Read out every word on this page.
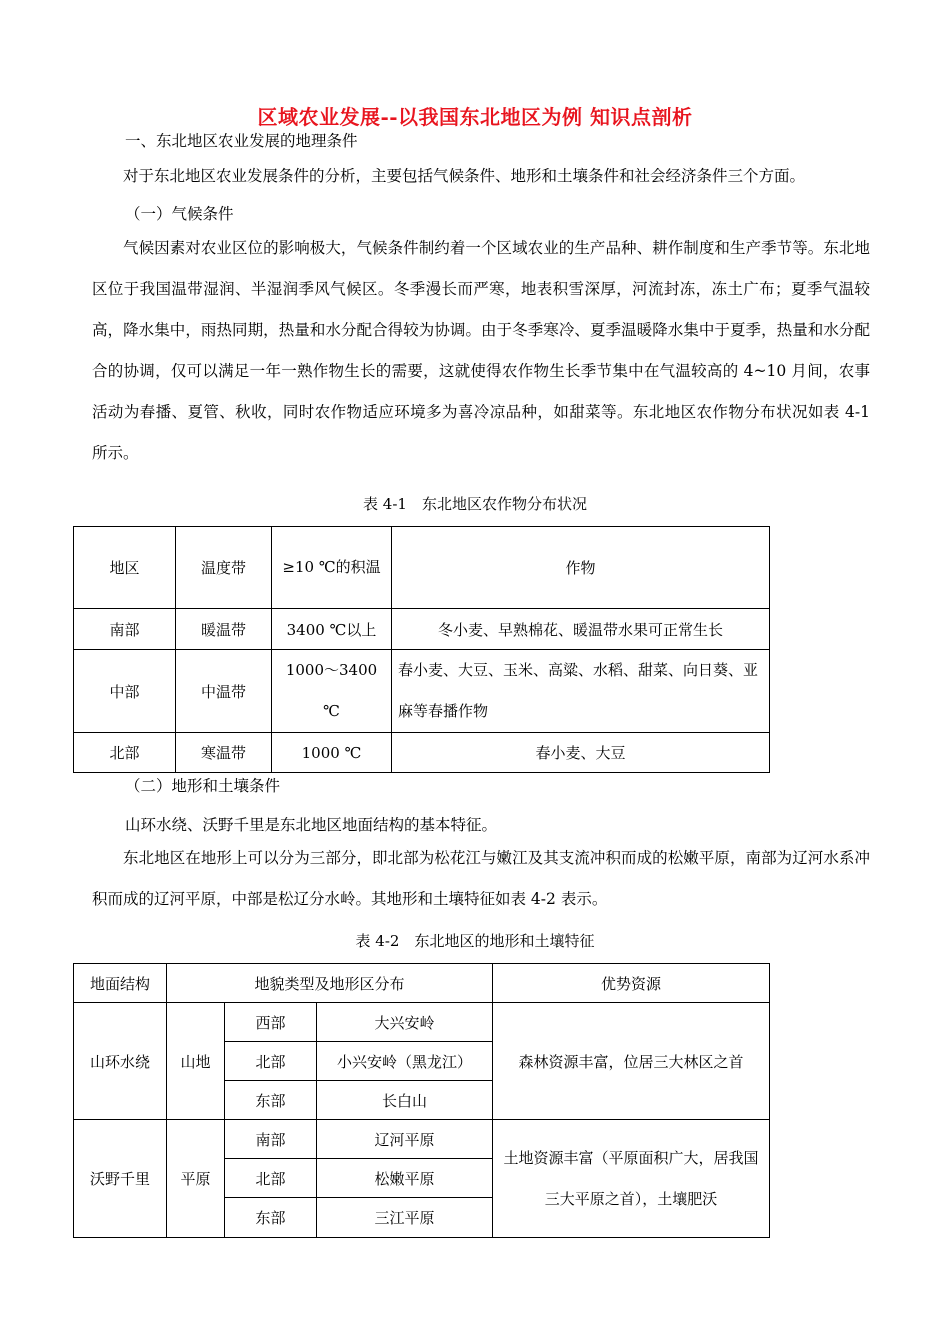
区域农业发展--以我国东北地区为例 知识点剖析
一、东北地区农业发展的地理条件
对于东北地区农业发展条件的分析，主要包括气候条件、地形和土壤条件和社会经济条件三个方面。
（一）气候条件
气候因素对农业区位的影响极大，气候条件制约着一个区域农业的生产品种、耕作制度和生产季节等。东北地区位于我国温带湿润、半湿润季风气候区。冬季漫长而严寒，地表积雪深厚，河流封冻，冻土广布；夏季气温较高，降水集中，雨热同期，热量和水分配合得较为协调。由于冬季寒冷、夏季温暖降水集中于夏季，热量和水分配合的协调，仅可以满足一年一熟作物生长的需要，这就使得农作物生长季节集中在气温较高的 4~10 月间，农事活动为春播、夏管、秋收，同时农作物适应环境多为喜冷凉品种，如甜菜等。东北地区农作物分布状况如表 4-1 所示。
表 4-1　东北地区农作物分布状况
地区	温度带	≥10 ℃的积温	作物
南部	暖温带	3400 ℃以上	冬小麦、早熟棉花、暖温带水果可正常生长
中部	中温带	1000～3400 ℃	春小麦、大豆、玉米、高粱、水稻、甜菜、向日葵、亚麻等春播作物
北部	寒温带	1000 ℃	春小麦、大豆
（二）地形和土壤条件
山环水绕、沃野千里是东北地区地面结构的基本特征。
东北地区在地形上可以分为三部分，即北部为松花江与嫩江及其支流冲积而成的松嫩平原，南部为辽河水系冲积而成的辽河平原，中部是松辽分水岭。其地形和土壤特征如表 4-2 表示。
表 4-2　东北地区的地形和土壤特征
地面结构	地貌类型及地形区分布			优势资源
山环水绕	山地	西部	大兴安岭	森林资源丰富，位居三大林区之首
		北部	小兴安岭（黑龙江）	
		东部	长白山	
沃野千里	平原	南部	辽河平原	土地资源丰富（平原面积广大，居我国三大平原之首），土壤肥沃
		北部	松嫩平原	
		东部	三江平原	
